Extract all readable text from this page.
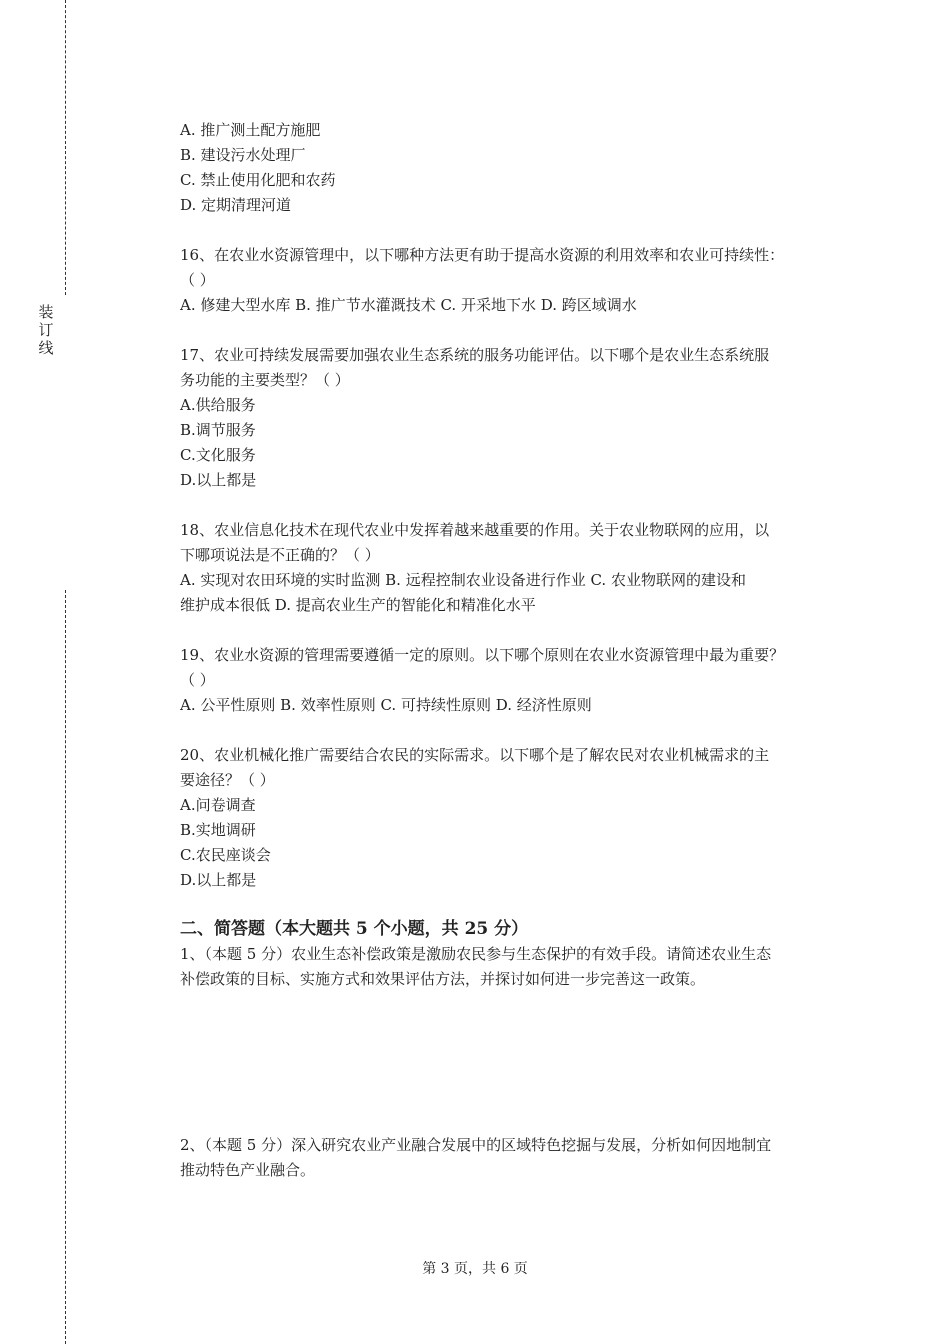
装
订
线
A. 推广测土配方施肥
B. 建设污水处理厂
C. 禁止使用化肥和农药
D. 定期清理河道
16、在农业水资源管理中，以下哪种方法更有助于提高水资源的利用效率和农业可持续性：
（ ）
A. 修建大型水库 B. 推广节水灌溉技术 C. 开采地下水 D. 跨区域调水
17、农业可持续发展需要加强农业生态系统的服务功能评估。以下哪个是农业生态系统服
务功能的主要类型？（ ）
A.供给服务
B.调节服务
C.文化服务
D.以上都是
18、农业信息化技术在现代农业中发挥着越来越重要的作用。关于农业物联网的应用，以
下哪项说法是不正确的？（ ）
A. 实现对农田环境的实时监测 B. 远程控制农业设备进行作业 C. 农业物联网的建设和
维护成本很低 D. 提高农业生产的智能化和精准化水平
19、农业水资源的管理需要遵循一定的原则。以下哪个原则在农业水资源管理中最为重要？
（ ）
A. 公平性原则 B. 效率性原则 C. 可持续性原则 D. 经济性原则
20、农业机械化推广需要结合农民的实际需求。以下哪个是了解农民对农业机械需求的主
要途径？（ ）
A.问卷调查
B.实地调研
C.农民座谈会
D.以上都是
二、简答题（本大题共 5 个小题，共 25 分）
1、（本题 5 分）农业生态补偿政策是激励农民参与生态保护的有效手段。请简述农业生态
补偿政策的目标、实施方式和效果评估方法，并探讨如何进一步完善这一政策。
2、（本题 5 分）深入研究农业产业融合发展中的区域特色挖掘与发展，分析如何因地制宜
推动特色产业融合。
第 3 页，共 6 页
